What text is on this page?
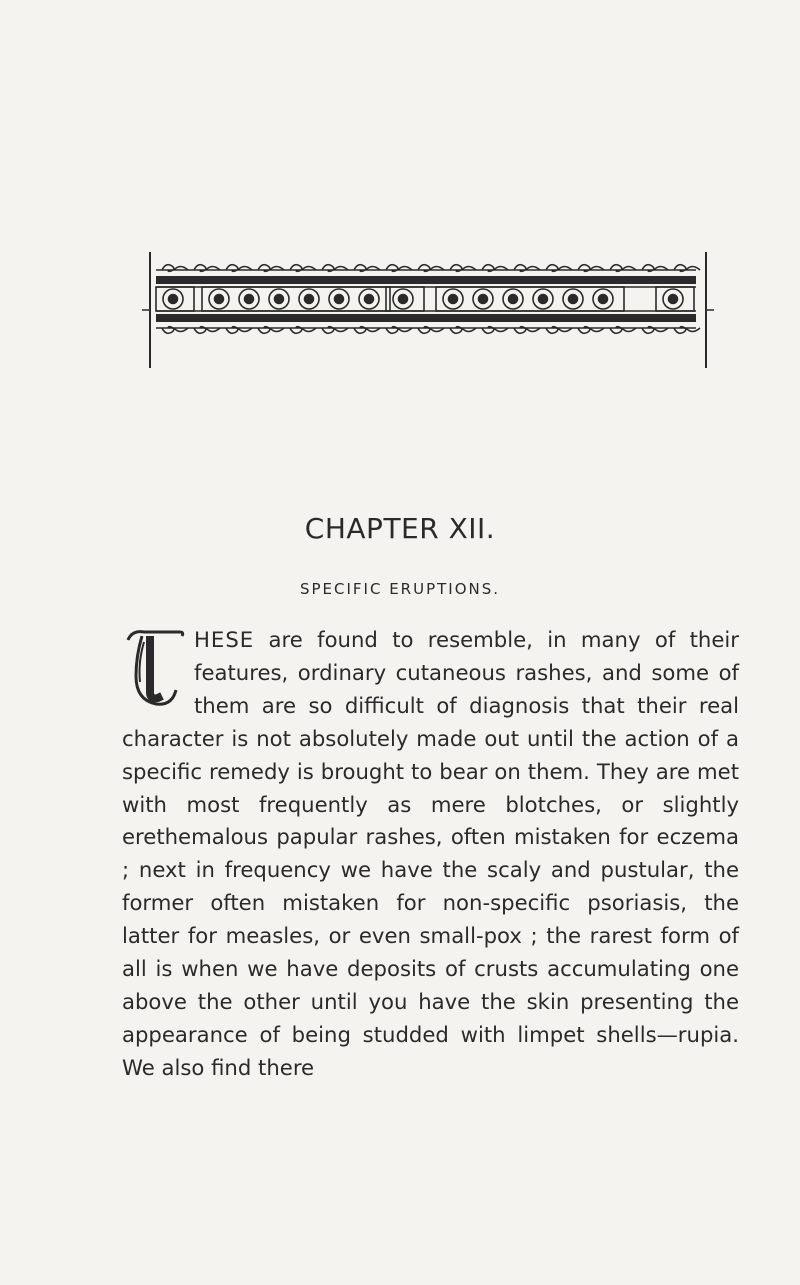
CHAPTER XII.
SPECIFIC ERUPTIONS.
HESE are found to resemble, in many of their features, ordinary cutaneous rashes, and some of them are so difficult of diagnosis that their real character is not absolutely made out until the action of a specific remedy is brought to bear on them. They are met with most frequently as mere blotches, or slightly erethemalous papular rashes, often mistaken for eczema ; next in frequency we have the scaly and pustular, the former often mistaken for non-specific psoriasis, the latter for measles, or even small-pox ; the rarest form of all is when we have deposits of crusts accumulating one above the other until you have the skin presenting the appearance of being studded with limpet shells—rupia. We also find there
